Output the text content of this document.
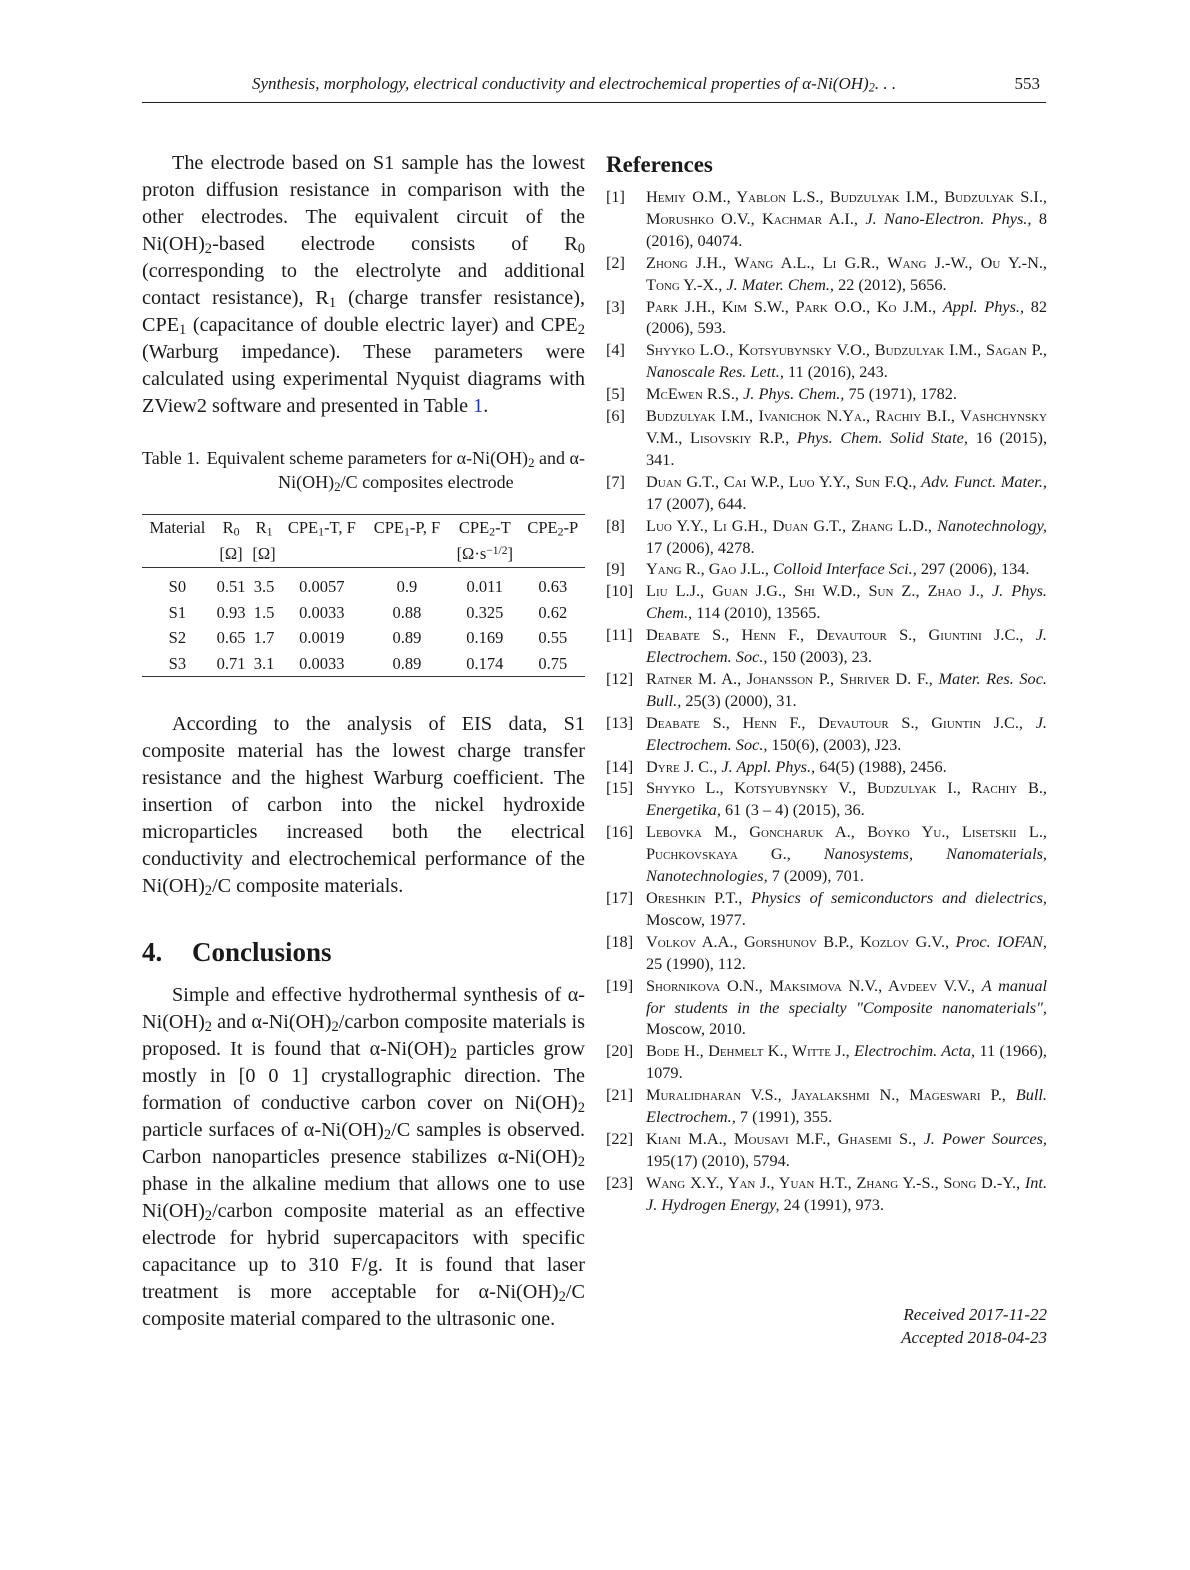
Synthesis, morphology, electrical conductivity and electrochemical properties of $\alpha-Ni(OH)_2$. . .	553

The electrode based on S1 sample has the lowest proton diffusion resistance in comparison with the other electrodes. The equivalent circuit of the $Ni(OH)_2$-based electrode consists of $R_0$ (corresponding to the electrolyte and additional contact resistance), $R_1$ (charge transfer resistance), $CPE_1$ (capacitance of double electric layer) and $CPE_2$ (Warburg impedance). These parameters were calculated using experimental Nyquist diagrams with ZView2 software and presented in Table 1.

Table 1. Equivalent scheme parameters for $\alpha-Ni(OH)_2$ and $\alpha-Ni(OH)_2/C$ composites electrode
Material	$R_0$	$R_1$	$CPE_1-T$, F	$CPE_1-P$, F	$CPE_2-T$	$CPE_2-P$
	[Ω]	[Ω]			$[\Omega\cdot s^{-1/2}]$	
S0	0.51	3.5	0.0057	0.9	0.011	0.63
S1	0.93	1.5	0.0033	0.88	0.325	0.62
S2	0.65	1.7	0.0019	0.89	0.169	0.55
S3	0.71	3.1	0.0033	0.89	0.174	0.75

According to the analysis of EIS data, S1 composite material has the lowest charge transfer resistance and the highest Warburg coefficient. The insertion of carbon into the nickel hydroxide microparticles increased both the electrical conductivity and electrochemical performance of the $Ni(OH)_2/C$ composite materials.

4. Conclusions

Simple and effective hydrothermal synthesis of $\alpha-Ni(OH)_2$ and $\alpha-Ni(OH)_2$/carbon composite materials is proposed. It is found that $\alpha-Ni(OH)_2$ particles grow mostly in [0 0 1] crystallographic direction. The formation of conductive carbon cover on $Ni(OH)_2$ particle surfaces of $\alpha-Ni(OH)_2/C$ samples is observed. Carbon nanoparticles presence stabilizes $\alpha-Ni(OH)_2$ phase in the alkaline medium that allows one to use $Ni(OH)_2$/carbon composite material as an effective electrode for hybrid supercapacitors with specific capacitance up to 310 F/g. It is found that laser treatment is more acceptable for $\alpha-Ni(OH)_2/C$ composite material compared to the ultrasonic one.

References
[1]	Hemiy O.M., Yablon L.S., Budzulyak I.M., Budzulyak S.I., Morushko O.V., Kachmar A.I., J. Nano-Electron. Phys., 8 (2016), 04074.
[2]	Zhong J.H., Wang A.L., Li G.R., Wang J.-W., Ou Y.-N., Tong Y.-X., J. Mater. Chem., 22 (2012), 5656.
[3]	Park J.H., Kim S.W., Park O.O., Ko J.M., Appl. Phys., 82 (2006), 593.
[4]	Shyyko L.O., Kotsyubynsky V.O., Budzulyak I.M., Sagan P., Nanoscale Res. Lett., 11 (2016), 243.
[5]	McEwen R.S., J. Phys. Chem., 75 (1971), 1782.
[6]	Budzulyak I.M., Ivanichok N.Ya., Rachiy B.I., Vashchynsky V.M., Lisovskiy R.P., Phys. Chem. Solid State, 16 (2015), 341.
[7]	Duan G.T., Cai W.P., Luo Y.Y., Sun F.Q., Adv. Funct. Mater., 17 (2007), 644.
[8]	Luo Y.Y., Li G.H., Duan G.T., Zhang L.D., Nanotechnology, 17 (2006), 4278.
[9]	Yang R., Gao J.L., Colloid Interface Sci., 297 (2006), 134.
[10] Liu L.J., Guan J.G., Shi W.D., Sun Z., Zhao J., J. Phys. Chem., 114 (2010), 13565.
[11] Deabate S., Henn F., Devautour S., Giuntini J.C., J. Electrochem. Soc., 150 (2003), 23.
[12] Ratner M. A., Johansson P., Shriver D. F., Mater. Res. Soc. Bull., 25(3) (2000), 31.
[13] Deabate S., Henn F., Devautour S., Giuntin J.C., J. Electrochem. Soc., 150(6), (2003), J23.
[14] Dyre J. C., J. Appl. Phys., 64(5) (1988), 2456.
[15] Shyyko L., Kotsyubynsky V., Budzulyak I., Rachiy B., Energetika, 61 (3 – 4) (2015), 36.
[16] Lebovka M., Goncharuk A., Boyko Yu., Lisetskii L., Puchkovskaya G., Nanosystems, Nanomaterials, Nanotechnologies, 7 (2009), 701.
[17] Oreshkin P.T., Physics of semiconductors and dielectrics, Moscow, 1977.
[18] Volkov A.A., Gorshunov B.P., Kozlov G.V., Proc. IOFAN, 25 (1990), 112.
[19] Shornikova O.N., Maksimova N.V., Avdeev V.V., A manual for students in the specialty "Composite nanomaterials", Moscow, 2010.
[20] Bode H., Dehmelt K., Witte J., Electrochim. Acta, 11 (1966), 1079.
[21] Muralidharan V.S., Jayalakshmi N., Mageswari P., Bull. Electrochem., 7 (1991), 355.
[22] Kiani M.A., Mousavi M.F., Ghasemi S., J. Power Sources, 195(17) (2010), 5794.
[23] Wang X.Y., Yan J., Yuan H.T., Zhang Y.-S., Song D.-Y., Int. J. Hydrogen Energy, 24 (1991), 973.
Received 2017-11-22
Accepted 2018-04-23
